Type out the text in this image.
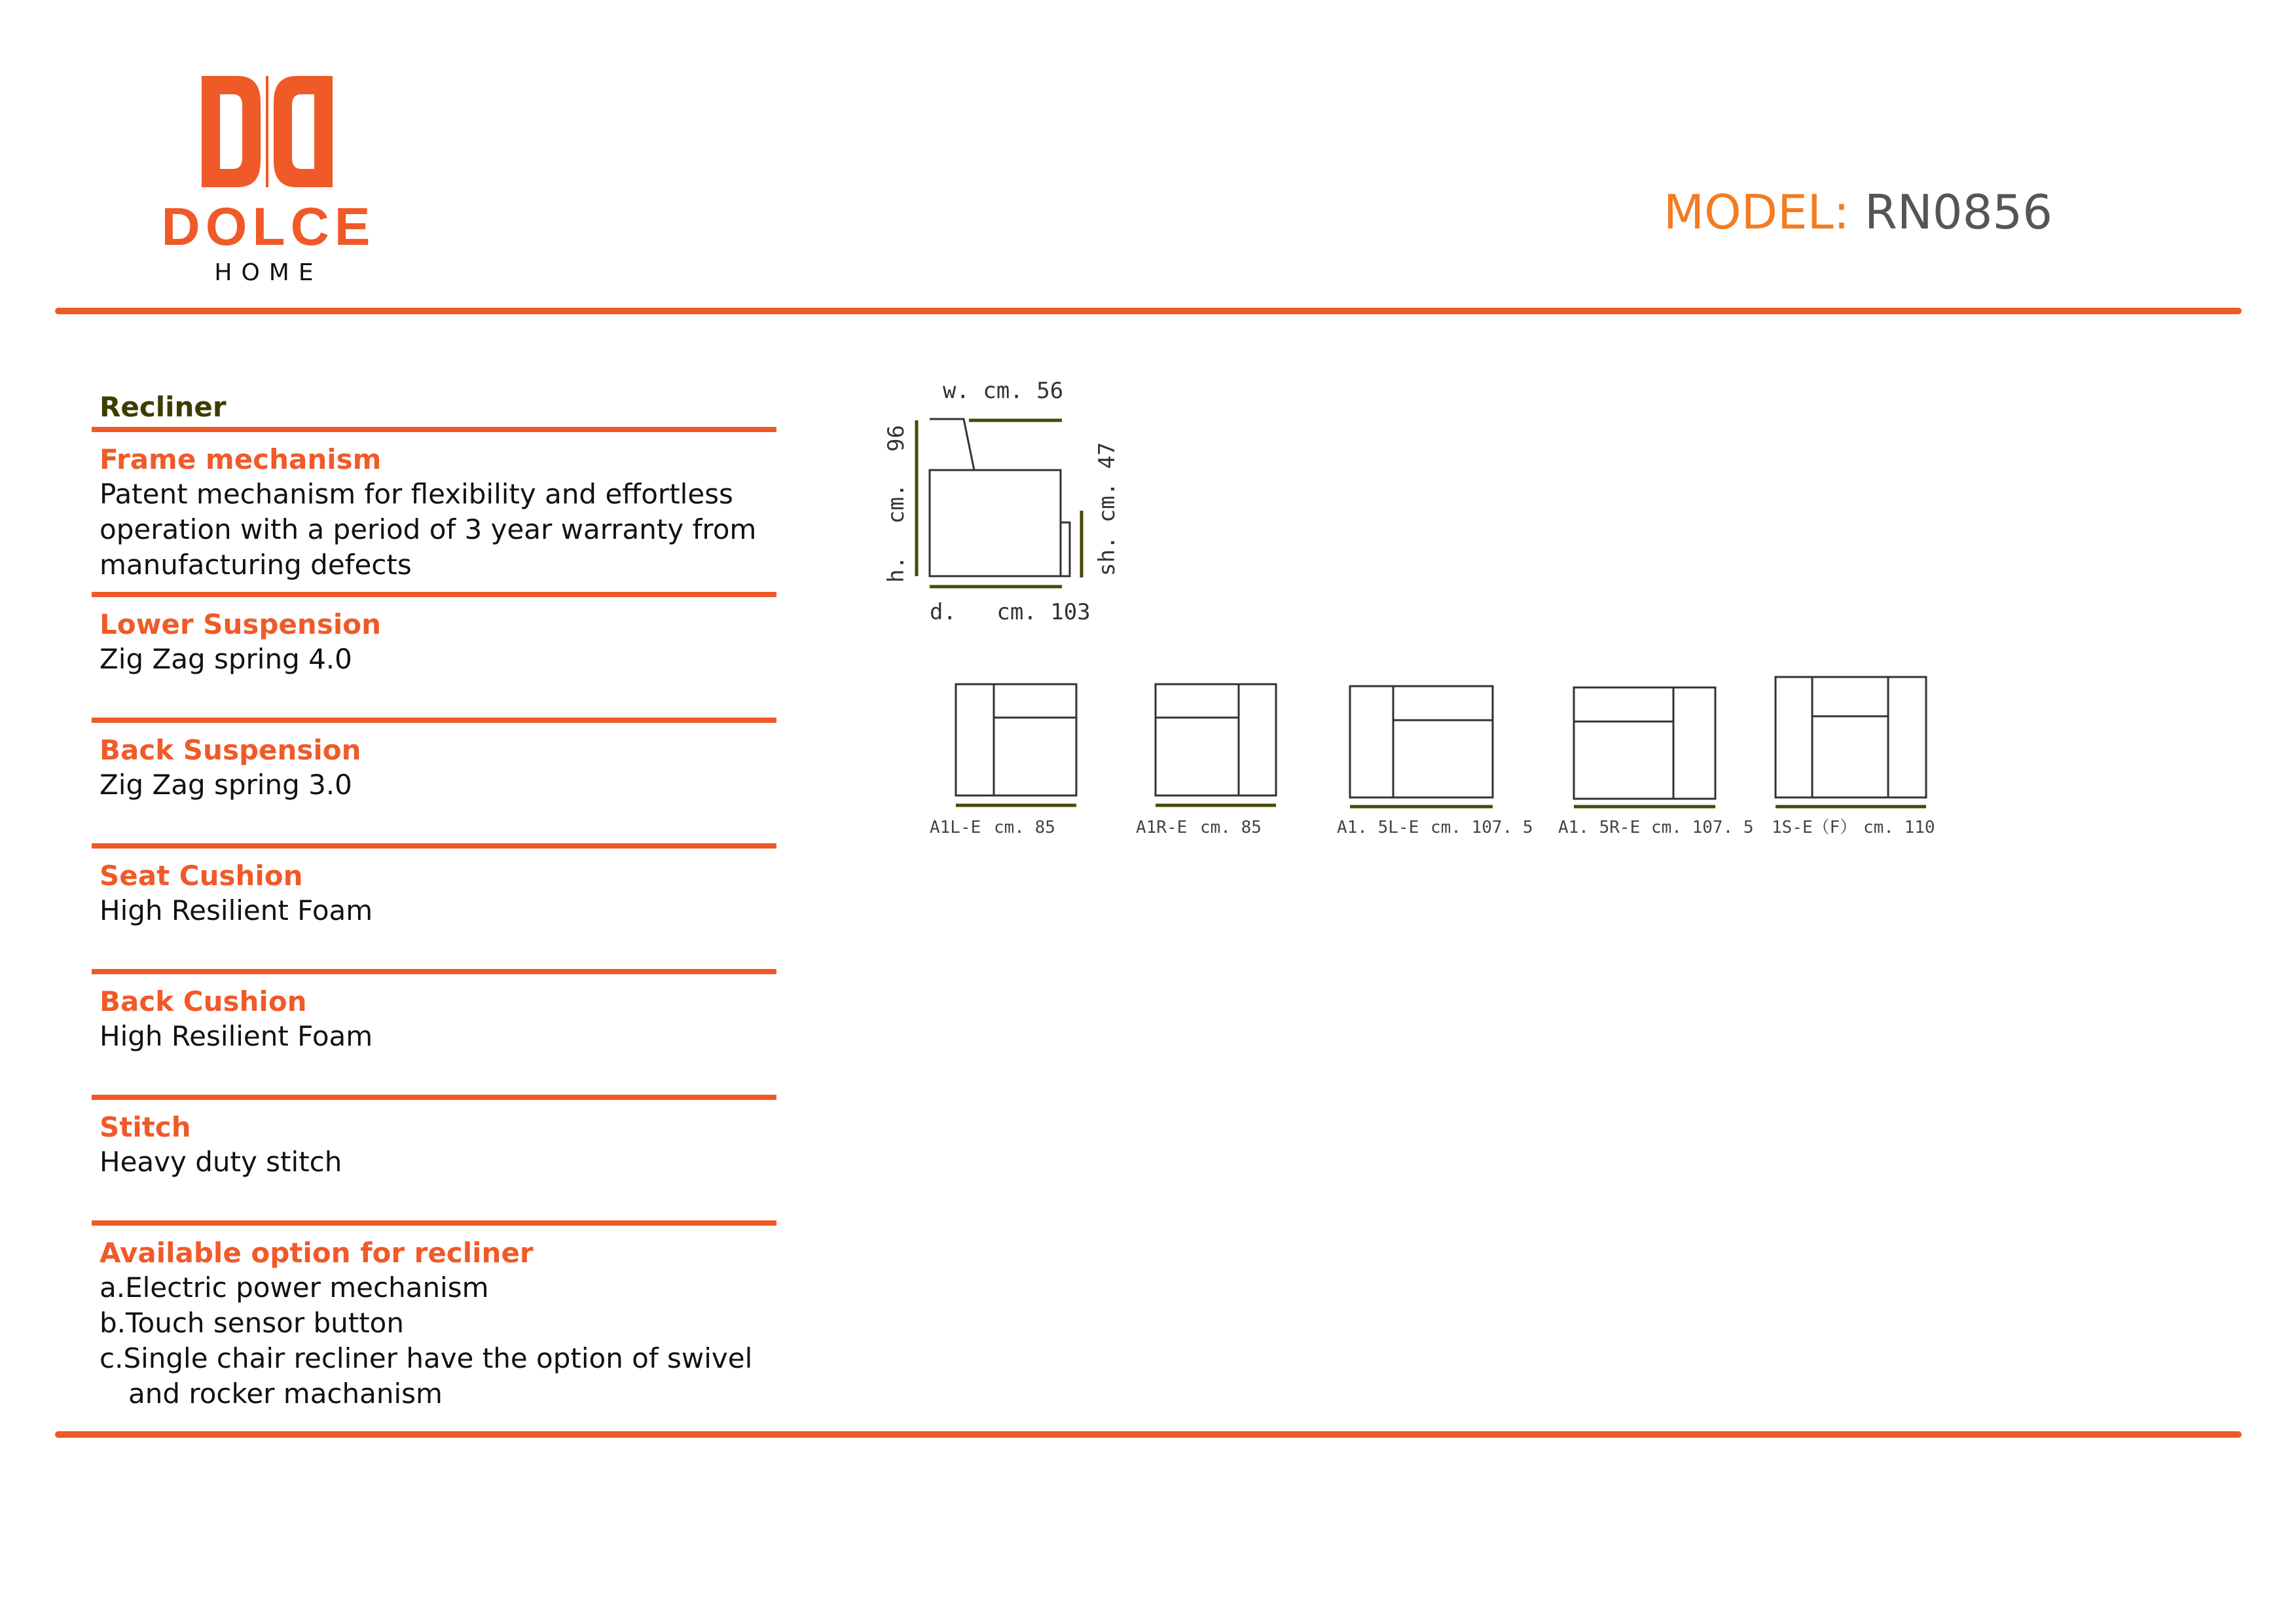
DOLCE
HOME
MODEL: RN0856
Recliner
Frame mechanism

Patent mechanism for flexibility and effortless

operation with a period of 3 year warranty from

manufacturing defects

Lower Suspension

Zig Zag spring 4.0

Back Suspension

Zig Zag spring 3.0

Seat Cushion

High Resilient Foam

Back Cushion

High Resilient Foam

Stitch

Heavy duty stitch

Available option for recliner
a.Electric power mechanism
b.Touch sensor button
c.Single chair recliner have the option of swivel
and rocker machanism
w. cm. 56
h.
cm.
96
sh. cm. 47
d.   cm. 103
A1L-E cm. 85	A1R-E cm. 85	A1. 5L-E cm. 107. 5 A1. 5R-E cm. 107. 5 1S-E（F） cm. 110
